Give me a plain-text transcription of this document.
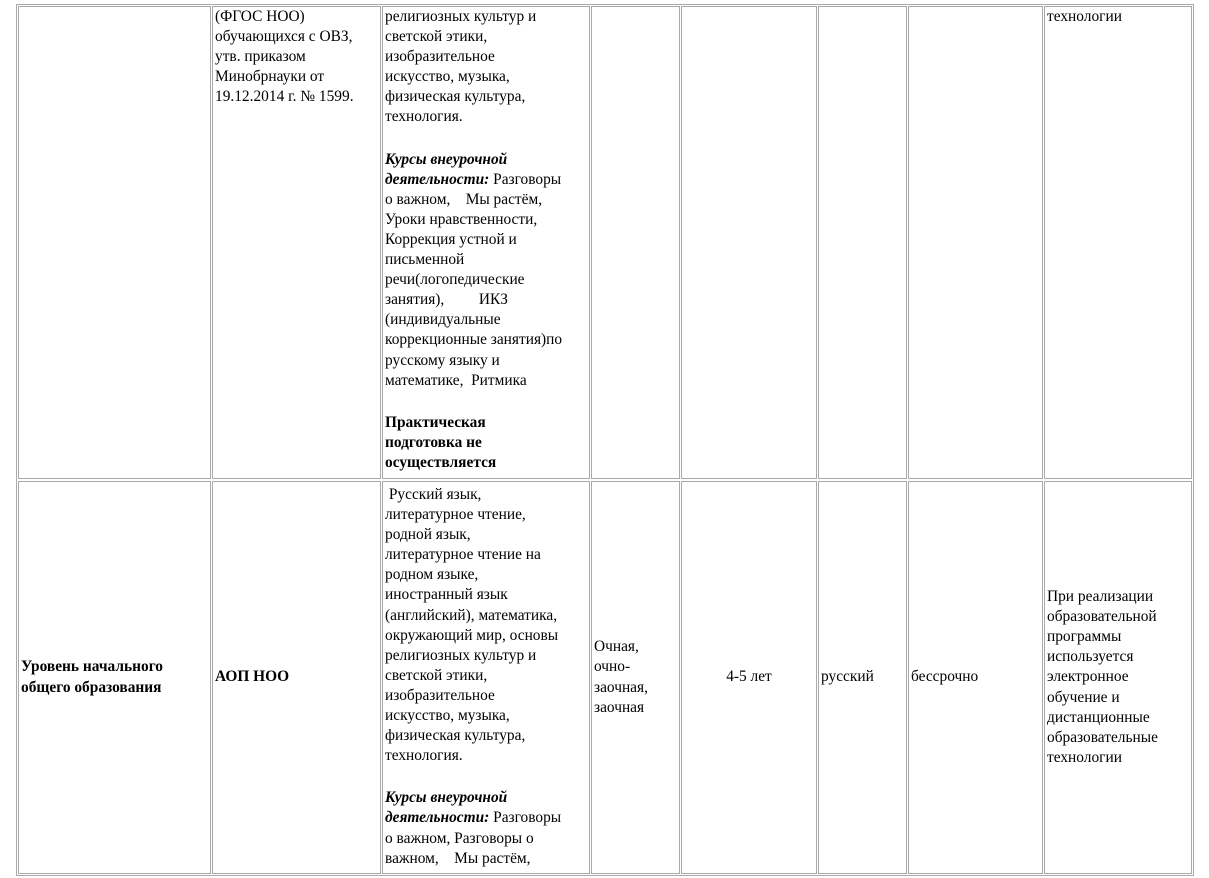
(ФГОС НОО)
обучающихся с ОВЗ,
утв. приказом
Минобрнауки от
19.12.2014 г. № 1599.

религиозных культур и
светской этики,
изобразительное
искусство, музыка,
физическая культура,
технология.

Курсы внеурочной
деятельности: Разговоры
о важном,    Мы растём,
Уроки нравственности,
Коррекция устной и
письменной
речи(логопедические
занятия),         ИКЗ
(индивидуальные
коррекционные занятия)по
русскому языку и
математике,  Ритмика

Практическая
подготовка не
осуществляется

технологии

Уровень начального
общего образования

АОП НОО

Русский язык,
литературное чтение,
родной язык,
литературное чтение на
родном языке,
иностранный язык
(английский), математика,
окружающий мир, основы
религиозных культур и
светской этики,
изобразительное
искусство, музыка,
физическая культура,
технология.

Курсы внеурочной
деятельности: Разговоры
о важном, Разговоры о
важном,    Мы растём,

Очная,
очно-
заочная,
заочная

4-5 лет	русский бессрочно

При реализации
образовательной
программы
используется
электронное
обучение и
дистанционные
образовательные
технологии
